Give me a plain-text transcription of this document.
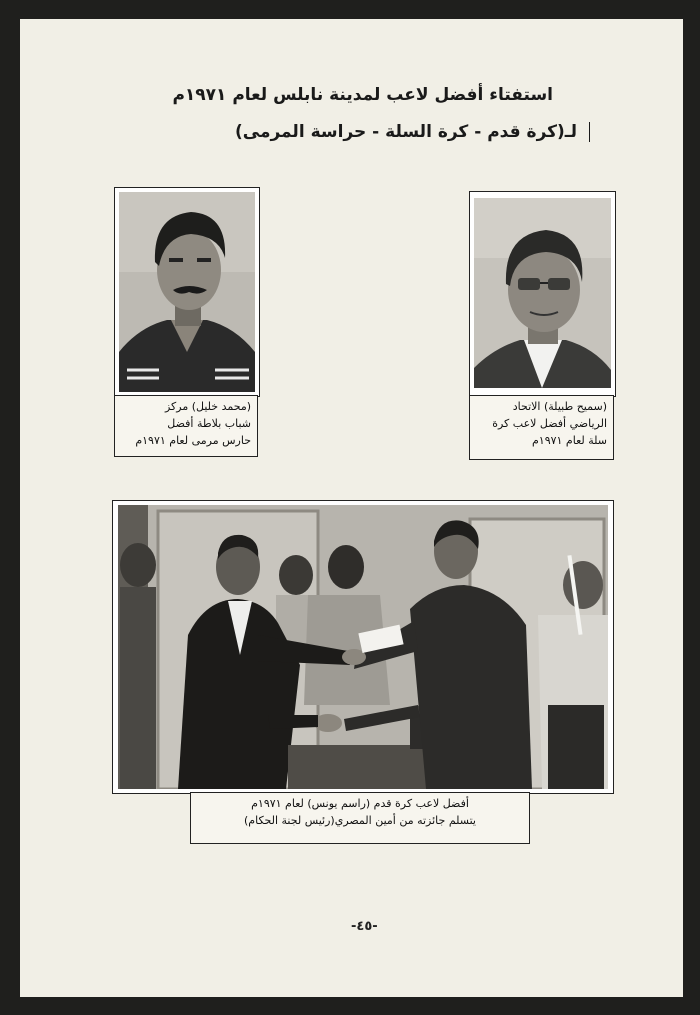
استفتاء أفضل لاعب لمدينة نابلس لعام ١٩٧١م
لـ(كرة قدم - كرة السلة - حراسة المرمى)
(محمد خليل) مركز
شباب بلاطة أفضل
حارس مرمى لعام ١٩٧١م
(سميح طبيلة) الاتحاد
الرياضي أفضل لاعب كرة
سلة لعام ١٩٧١م
أفضل لاعب كرة قدم (راسم يونس) لعام ١٩٧١م
يتسلم جائزته من أمين المصري(رئيس لجنة الحكام)
-٤٥-
